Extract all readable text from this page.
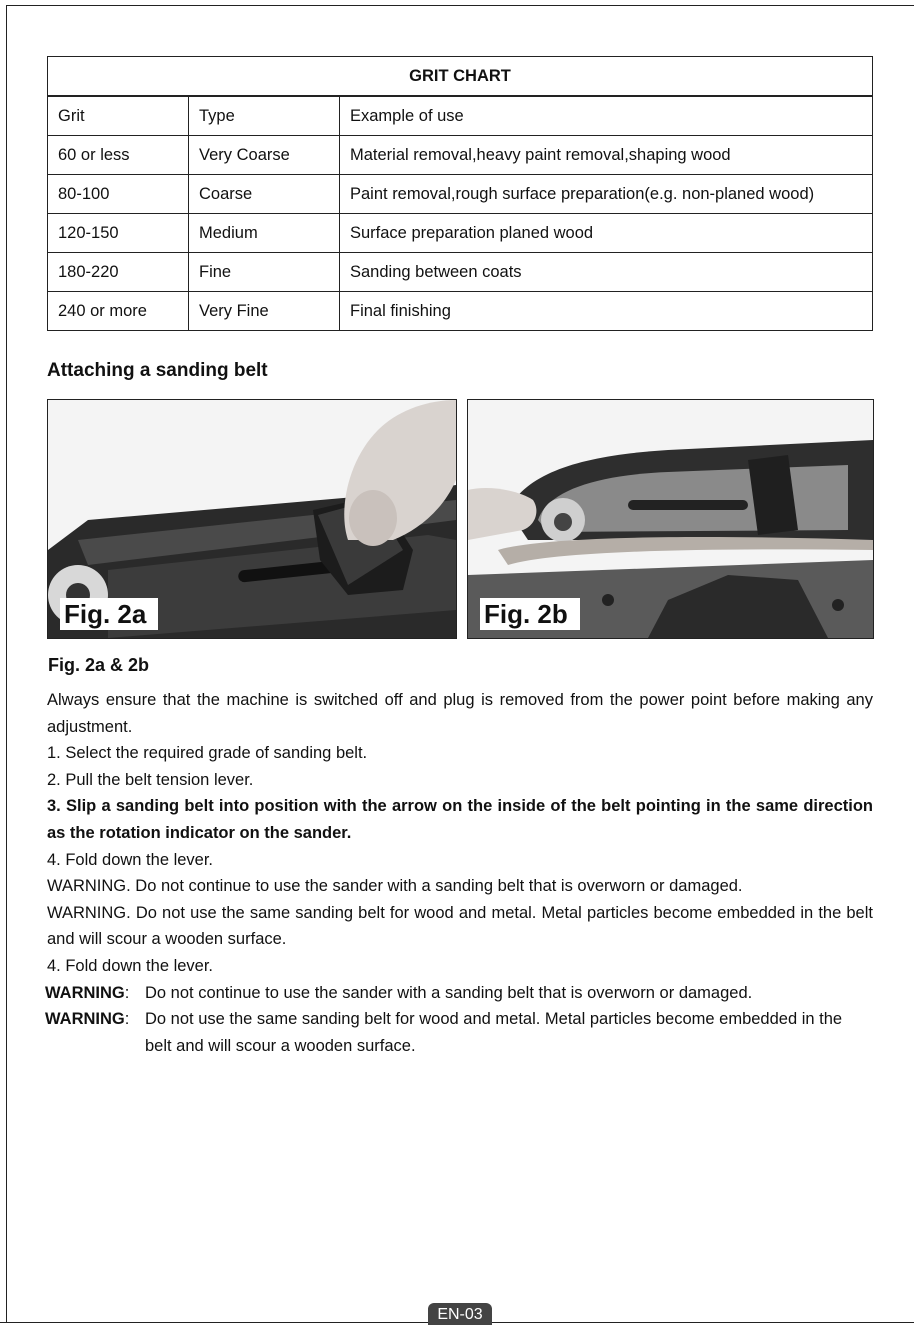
GRIT CHART		
Grit	Type	Example of use
60 or less	Very Coarse	Material removal,heavy paint removal,shaping wood
80-100	Coarse	Paint removal,rough surface preparation(e.g. non-planed wood)
120-150	Medium	Surface preparation planed wood
180-220	Fine	Sanding between coats
240 or more	Very Fine	Final finishing
Attaching a sanding belt
Fig. 2a	Fig. 2b
Fig. 2a & 2b

Always ensure that the machine is switched off and plug is removed from the power point before making any adjustment.

1. Select the required grade of sanding belt.

2. Pull the belt tension lever.

3. Slip a sanding belt into position with the arrow on the inside of the belt pointing in the same direction as the rotation indicator on the sander.

4. Fold down the lever.

WARNING. Do not continue to use the sander with a sanding belt that is overworn or damaged.

WARNING. Do not use the same sanding belt for wood and metal. Metal particles become embedded in the belt and will scour a wooden surface.

4. Fold down the lever.

WARNING: Do not continue to use the sander with a sanding belt that is overworn or damaged.
WARNING: Do not use the same sanding belt for wood and metal. Metal particles become embedded in the belt and will scour a wooden surface.
EN-03
